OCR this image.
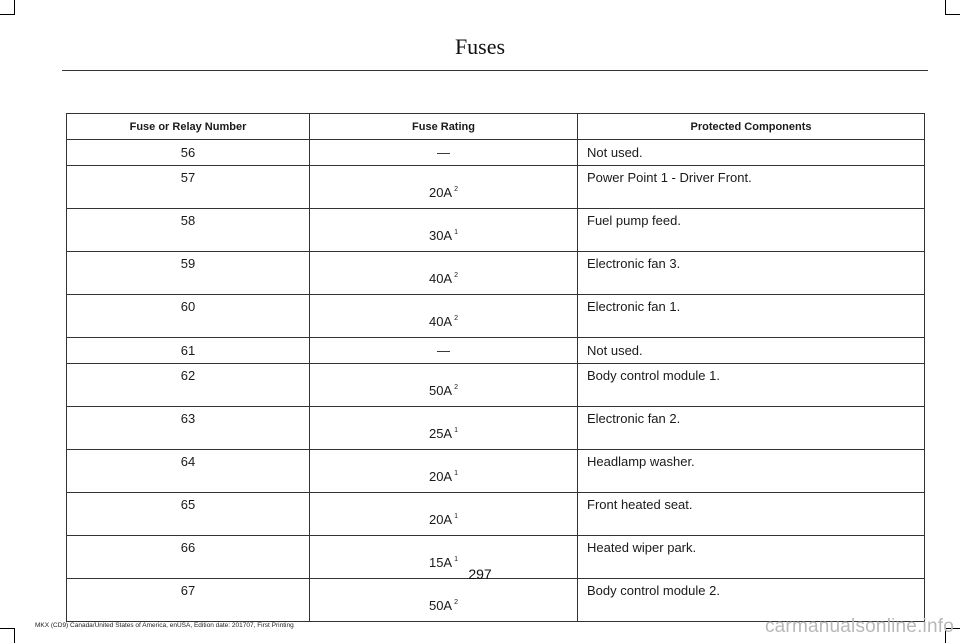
Fuses
Fuse or Relay Number	Fuse Rating	Protected Components
56	—	Not used.
57	20A $^2$	Power Point 1 - Driver Front.
58	30A $^1$	Fuel pump feed.
59	40A $^2$	Electronic fan 3.
60	40A $^2$	Electronic fan 1.
61	—	Not used.
62	50A $^2$	Body control module 1.
63	25A $^1$	Electronic fan 2.
64	20A $^1$	Headlamp washer.
65	20A $^1$	Front heated seat.
66	15A $^1$	Heated wiper park.
67	50A $^2$	Body control module 2.
297
MKX (CD9) Canada/United States of America, enUSA, Edition date: 201707, First Printing	carmanualsonline.info
